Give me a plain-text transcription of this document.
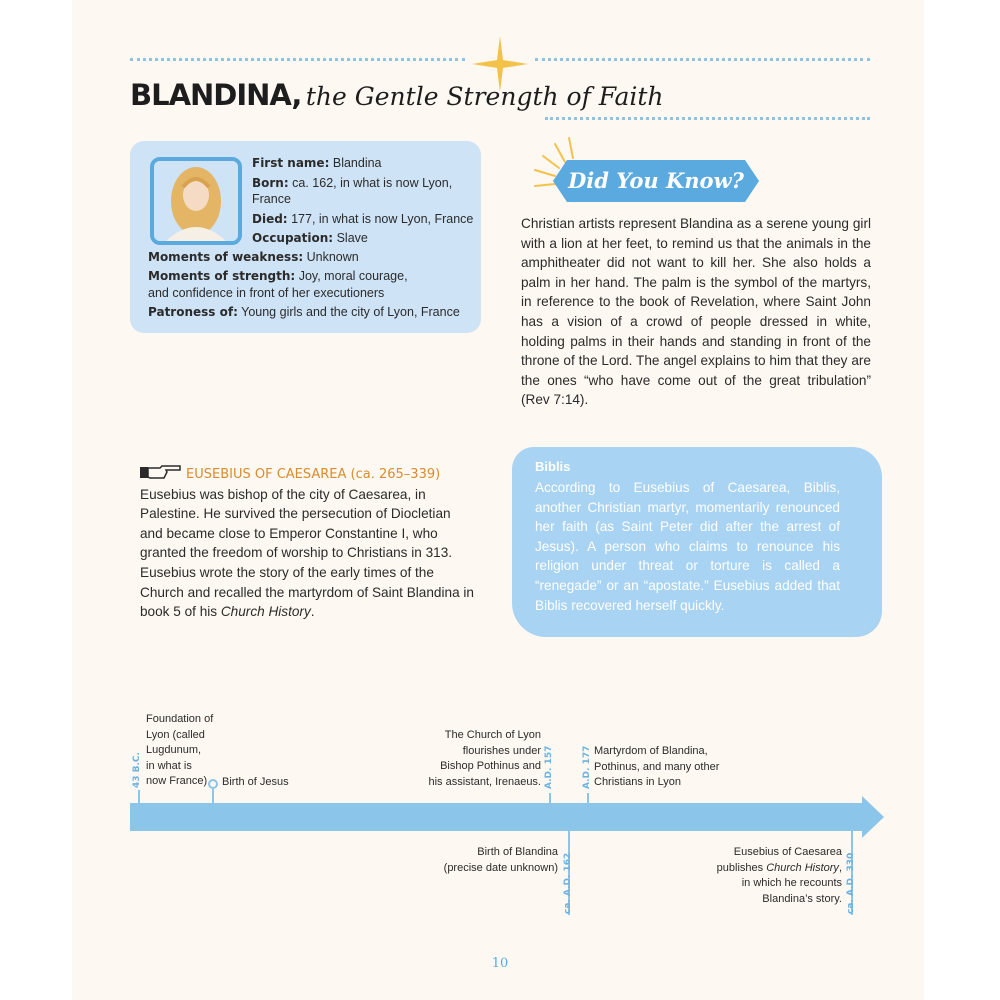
BLANDINA, the Gentle Strength of Faith
First name: Blandina
Born: ca. 162, in what is now Lyon,
France
Died: 177, in what is now Lyon, France
Occupation: Slave
Moments of weakness: Unknown
Moments of strength: Joy, moral courage,
and confidence in front of her executioners
Patroness of: Young girls and the city of Lyon, France
Did You Know?
Christian artists represent Blandina as a serene young girl with a lion at her feet, to remind us that the animals in the amphitheater did not want to kill her. She also holds a palm in her hand. The palm is the symbol of the martyrs, in reference to the book of Revelation, where Saint John has a vision of a crowd of people dressed in white, holding palms in their hands and standing in front of the throne of the Lord. The angel explains to him that they are the ones “who have come out of the great tribulation” (Rev 7:14).
EUSEBIUS OF CAESAREA (ca. 265–339) Eusebius was bishop of the city of Caesarea, in Palestine. He survived the persecution of Diocletian and became close to Emperor Constantine I, who granted the freedom of worship to Christians in 313. Eusebius wrote the story of the early times of the Church and recalled the martyrdom of Saint Blandina in book 5 of his Church History.
Biblis
According to Eusebius of Caesarea, Biblis, another Christian martyr, momentarily renounced her faith (as Saint Peter did after the arrest of Jesus). A person who claims to renounce his religion under threat or torture is called a “renegade” or an “apostate.” Eusebius added that Biblis recovered herself quickly.
43 B.C.
Foundation of
Lyon (called
Lugdunum,
in what is
now France)	Birth of Jesus
The Church of Lyon
flourishes under
Bishop Pothinus and
his assistant, Irenaeus. A.D. 157	A.D. 177 Martyrdom of Blandina,
Pothinus, and many other
Christians in Lyon
ca. A.D. 162
Birth of Blandina
(precise date unknown)	ca. A.D. 330
Eusebius of Caesarea
publishes Church History,
in which he recounts
Blandina’s story.
10
